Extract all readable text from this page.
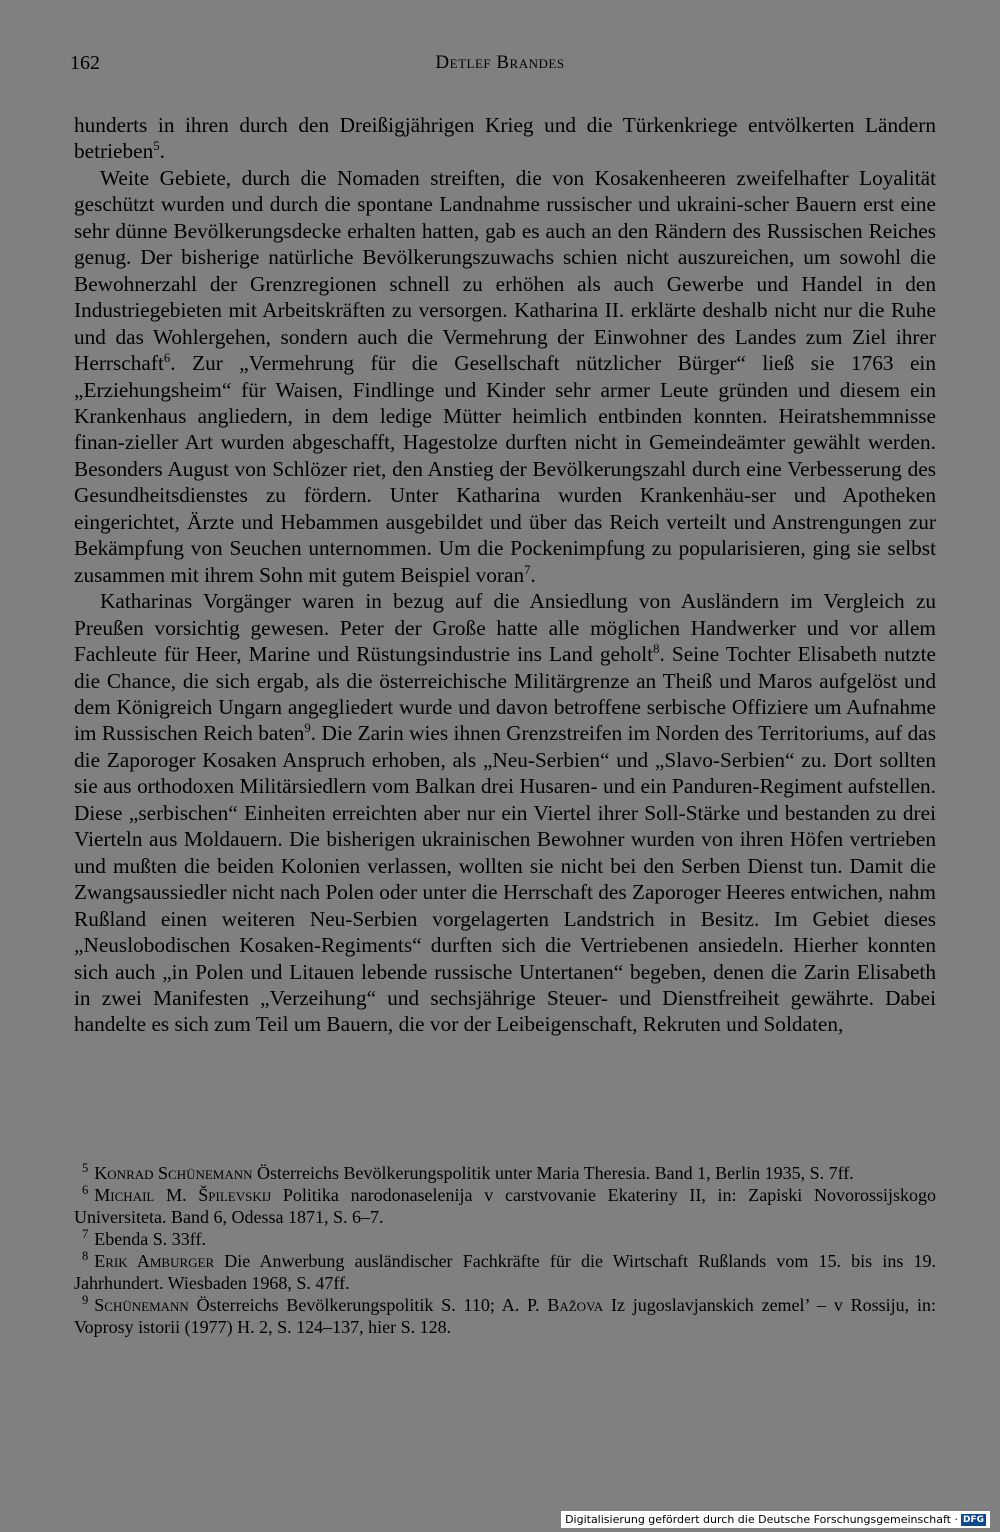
162	Detlef Brandes

hunderts in ihren durch den Dreißigjährigen Krieg und die Türkenkriege entvölkerten Ländern betrieben$^5$.

Weite Gebiete, durch die Nomaden streiften, die von Kosakenheeren zweifelhafter Loyalität geschützt wurden und durch die spontane Landnahme russischer und ukraini-scher Bauern erst eine sehr dünne Bevölkerungsdecke erhalten hatten, gab es auch an den Rändern des Russischen Reiches genug. Der bisherige natürliche Bevölkerungszuwachs schien nicht auszureichen, um sowohl die Bewohnerzahl der Grenzregionen schnell zu erhöhen als auch Gewerbe und Handel in den Industriegebieten mit Arbeitskräften zu versorgen. Katharina II. erklärte deshalb nicht nur die Ruhe und das Wohlergehen, sondern auch die Vermehrung der Einwohner des Landes zum Ziel ihrer Herrschaft$^6$. Zur „Vermehrung für die Gesellschaft nützlicher Bürger“ ließ sie 1763 ein „Erziehungsheim“ für Waisen, Findlinge und Kinder sehr armer Leute gründen und diesem ein Krankenhaus angliedern, in dem ledige Mütter heimlich entbinden konnten. Heiratshemmnisse finan-zieller Art wurden abgeschafft, Hagestolze durften nicht in Gemeindeämter gewählt werden. Besonders August von Schlözer riet, den Anstieg der Bevölkerungszahl durch eine Verbesserung des Gesundheitsdienstes zu fördern. Unter Katharina wurden Krankenhäu-ser und Apotheken eingerichtet, Ärzte und Hebammen ausgebildet und über das Reich verteilt und Anstrengungen zur Bekämpfung von Seuchen unternommen. Um die Pockenimpfung zu popularisieren, ging sie selbst zusammen mit ihrem Sohn mit gutem Beispiel voran$^7$.

Katharinas Vorgänger waren in bezug auf die Ansiedlung von Ausländern im Vergleich zu Preußen vorsichtig gewesen. Peter der Große hatte alle möglichen Handwerker und vor allem Fachleute für Heer, Marine und Rüstungsindustrie ins Land geholt$^8$. Seine Tochter Elisabeth nutzte die Chance, die sich ergab, als die österreichische Militärgrenze an Theiß und Maros aufgelöst und dem Königreich Ungarn angegliedert wurde und davon betroffene serbische Offiziere um Aufnahme im Russischen Reich baten$^9$. Die Zarin wies ihnen Grenzstreifen im Norden des Territoriums, auf das die Zaporoger Kosaken Anspruch erhoben, als „Neu-Serbien“ und „Slavo-Serbien“ zu. Dort sollten sie aus orthodoxen Militärsiedlern vom Balkan drei Husaren- und ein Panduren-Regiment aufstellen. Diese „serbischen“ Einheiten erreichten aber nur ein Viertel ihrer Soll-Stärke und bestanden zu drei Vierteln aus Moldauern. Die bisherigen ukrainischen Bewohner wurden von ihren Höfen vertrieben und mußten die beiden Kolonien verlassen, wollten sie nicht bei den Serben Dienst tun. Damit die Zwangsaussiedler nicht nach Polen oder unter die Herrschaft des Zaporoger Heeres entwichen, nahm Rußland einen weiteren Neu-Serbien vorgelagerten Landstrich in Besitz. Im Gebiet dieses „Neuslobodischen Kosaken-Regiments“ durften sich die Vertriebenen ansiedeln. Hierher konnten sich auch „in Polen und Litauen lebende russische Untertanen“ begeben, denen die Zarin Elisabeth in zwei Manifesten „Verzeihung“ und sechsjährige Steuer- und Dienstfreiheit gewährte. Dabei handelte es sich zum Teil um Bauern, die vor der Leibeigenschaft, Rekruten und Soldaten,

$^5$ Konrad Schünemann Österreichs Bevölkerungspolitik unter Maria Theresia. Band 1, Berlin 1935, S. 7ff.

$^6$ Michail M. Špilevskij Politika narodonaselenija v carstvovanie Ekateriny II, in: Zapiski Novorossijskogo Universiteta. Band 6, Odessa 1871, S. 6–7.

$^7$ Ebenda S. 33ff.

$^8$ Erik Amburger Die Anwerbung ausländischer Fachkräfte für die Wirtschaft Rußlands vom 15. bis ins 19. Jahrhundert. Wiesbaden 1968, S. 47ff.

$^9$ Schünemann Österreichs Bevölkerungspolitik S. 110; A. P. Bažova Iz jugoslavjanskich zemel’ – v Rossiju, in: Voprosy istorii (1977) H. 2, S. 124–137, hier S. 128.

Digitalisierung gefördert durch die Deutsche Forschungsgemeinschaft · DFG
